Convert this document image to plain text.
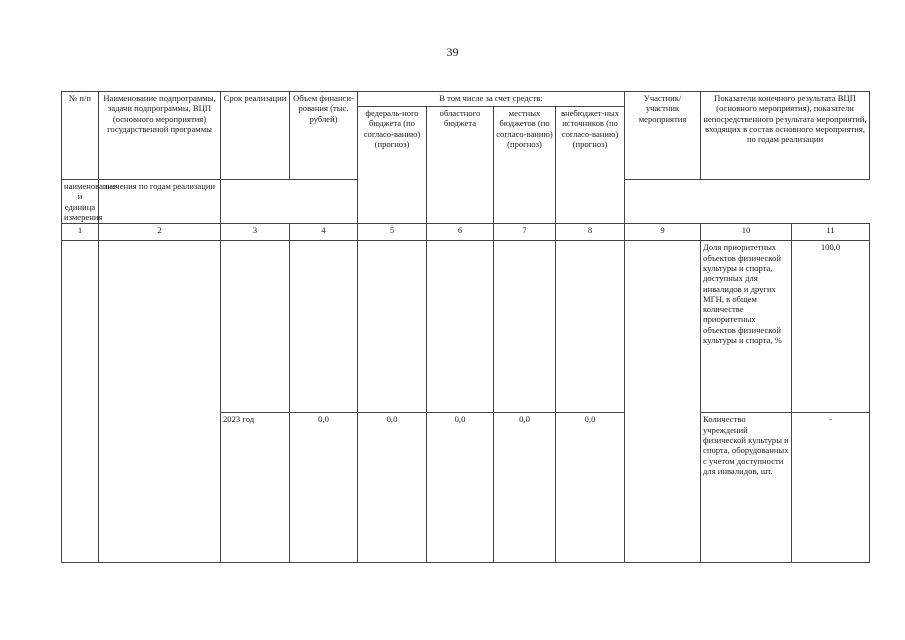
39
№ п/п	Наименование подпрограммы, задачи подпрограммы, ВЦП (основного мероприятия) государственной программы	Срок реализации	Объем финанси-рования (тыс. рублей)	В том числе за счет средств:				Участник/ участник мероприятия	Показатели конечного результата ВЦП (основного мероприятия), показатели непосредственного результата мероприятий, входящих в состав основного мероприятия, по годам реализации	
				федераль-ного бюджета (по согласо-ванию) (прогноз)	областного бюджета	местных бюджетов (по согласо-ванию) (прогноз)	внебюджет-ных источников (по согласо-ванию) (прогноз)			
наименование и единица измерения	значения по годам реализации									
1	2	3	4	5	6	7	8	9	10	11
									Доля приоритетных объектов физической культуры и спорта, доступных для инвалидов и других МГН, в общем количестве приоритетных объектов физической культуры и спорта, %	100,0
		2023 год	0,0	0,0	0,0	0,0	0,0		Количество учреждений физической культуры и спорта, оборудованных с учетом доступности для инвалидов, шт.	-
